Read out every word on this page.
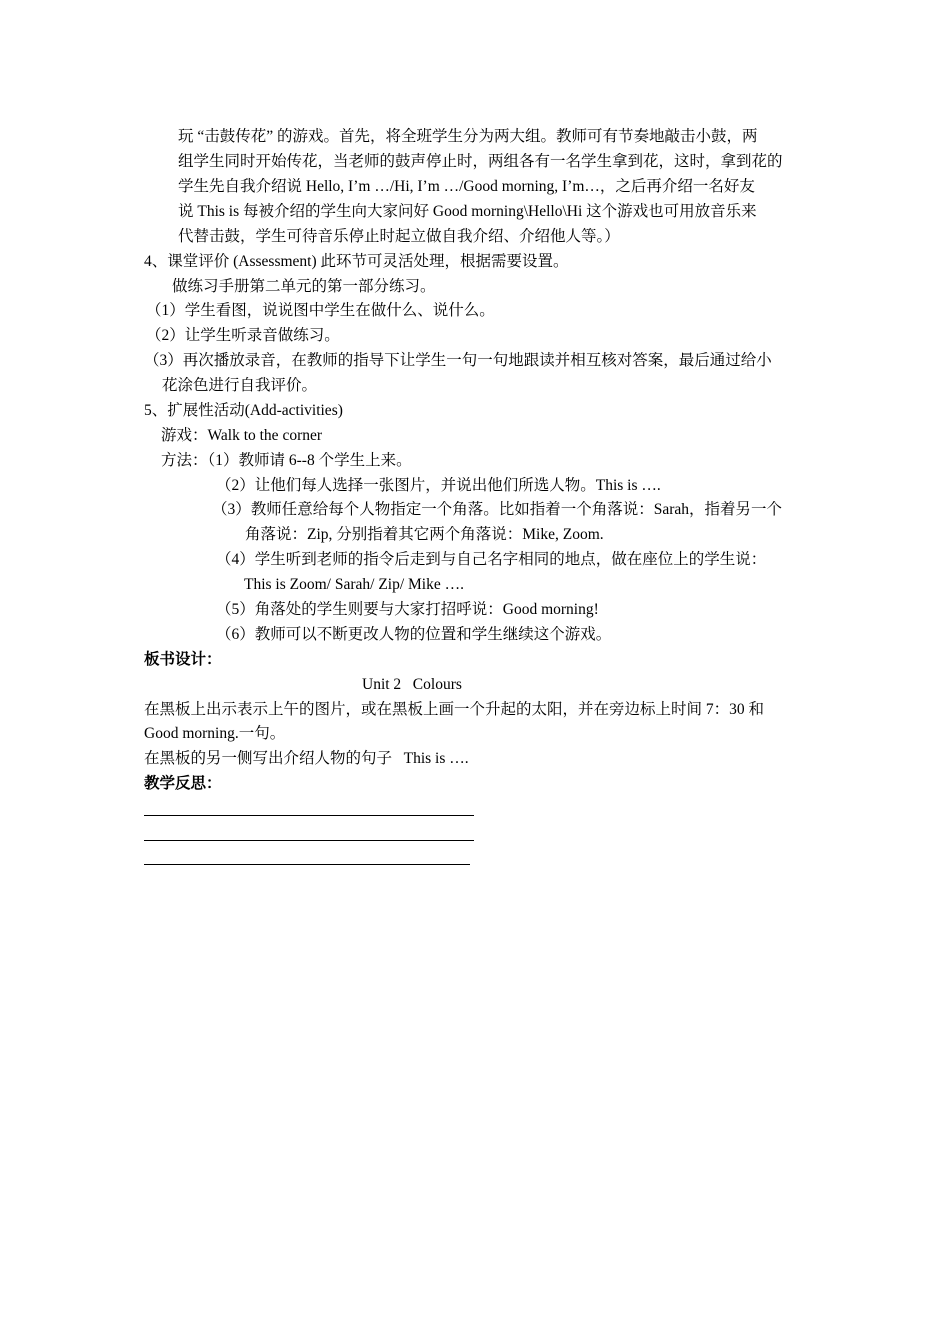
玩 “击鼓传花” 的游戏。首先，将全班学生分为两大组。教师可有节奏地敲击小鼓，两
组学生同时开始传花，当老师的鼓声停止时，两组各有一名学生拿到花，这时，拿到花的
学生先自我介绍说 Hello, I’m …/Hi, I’m …/Good morning, I’m…，之后再介绍一名好友
说 This is 每被介绍的学生向大家问好 Good morning\Hello\Hi 这个游戏也可用放音乐来
代替击鼓，学生可待音乐停止时起立做自我介绍、介绍他人等。）
4、课堂评价 (Assessment) 此环节可灵活处理，根据需要设置。
做练习手册第二单元的第一部分练习。
（1）学生看图，说说图中学生在做什么、说什么。
（2）让学生听录音做练习。
（3）再次播放录音，在教师的指导下让学生一句一句地跟读并相互核对答案，最后通过给小
花涂色进行自我评价。
5、扩展性活动(Add-activities)
游戏：Walk to the corner
方法：（1）教师请 6--8 个学生上来。
（2）让他们每人选择一张图片，并说出他们所选人物。This is ….
（3）教师任意给每个人物指定一个角落。比如指着一个角落说：Sarah，指着另一个
角落说：Zip, 分别指着其它两个角落说：Mike, Zoom.
（4）学生听到老师的指令后走到与自己名字相同的地点，做在座位上的学生说：
This is Zoom/ Sarah/ Zip/ Mike ….
（5）角落处的学生则要与大家打招呼说：Good morning!
（6）教师可以不断更改人物的位置和学生继续这个游戏。
板书设计：
Unit 2   Colours
在黑板上出示表示上午的图片，或在黑板上画一个升起的太阳，并在旁边标上时间 7：30 和
Good morning.一句。
在黑板的另一侧写出介绍人物的句子   This is ….
教学反思：
